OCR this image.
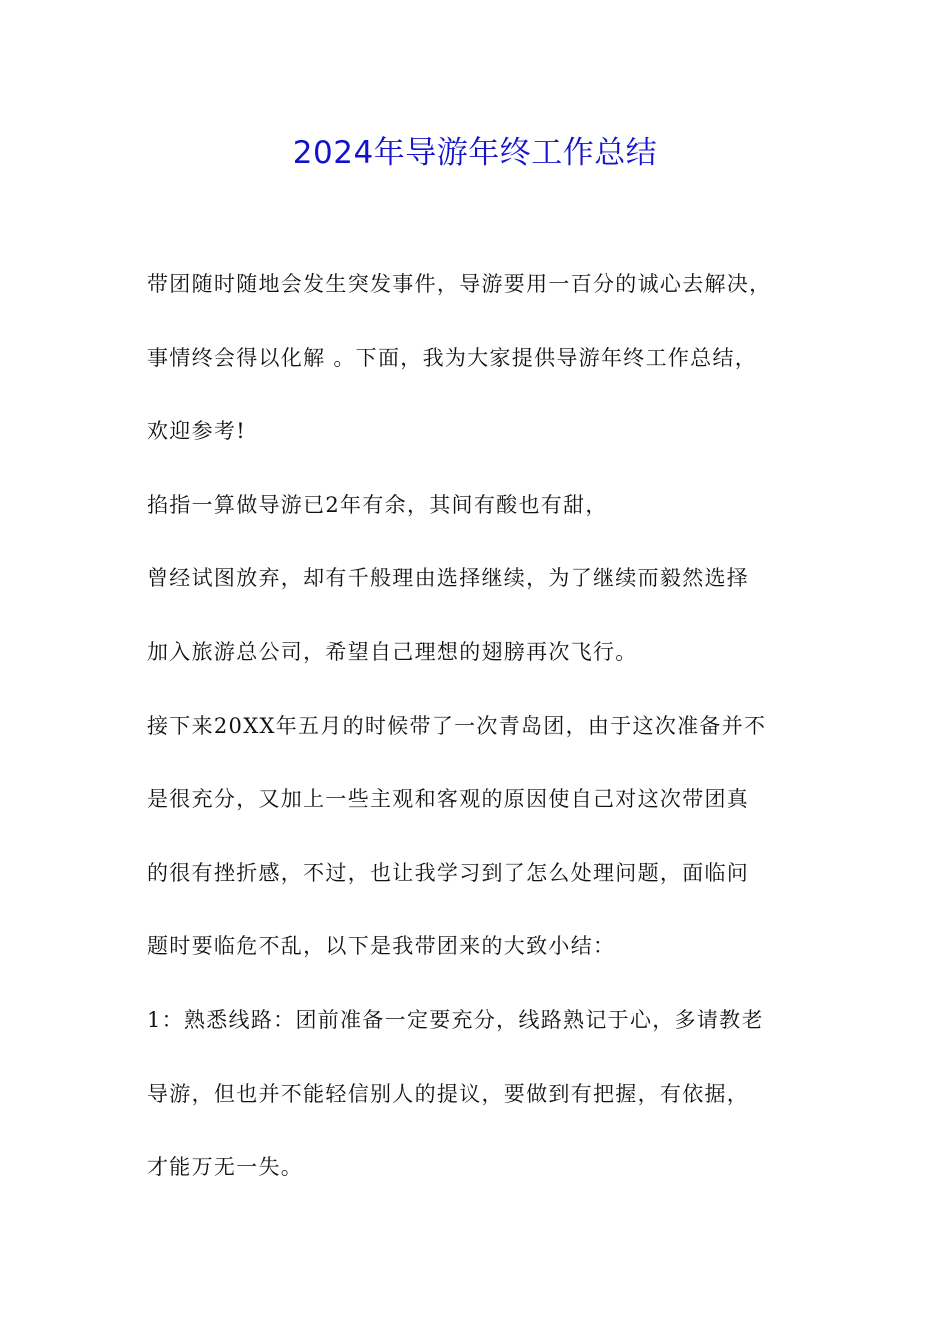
2024年导游年终工作总结

带团随时随地会发生突发事件，导游要用一百分的诚心去解决，

事情终会得以化解 。下面，我为大家提供导游年终工作总结，

欢迎参考!

掐指一算做导游已2年有余，其间有酸也有甜，

曾经试图放弃，却有千般理由选择继续，为了继续而毅然选择

加入旅游总公司，希望自己理想的翅膀再次飞行。

接下来20XX年五月的时候带了一次青岛团，由于这次准备并不

是很充分，又加上一些主观和客观的原因使自己对这次带团真

的很有挫折感，不过，也让我学习到了怎么处理问题，面临问

题时要临危不乱，以下是我带团来的大致小结：

1：熟悉线路：团前准备一定要充分，线路熟记于心，多请教老

导游，但也并不能轻信别人的提议，要做到有把握，有依据，

才能万无一失。
